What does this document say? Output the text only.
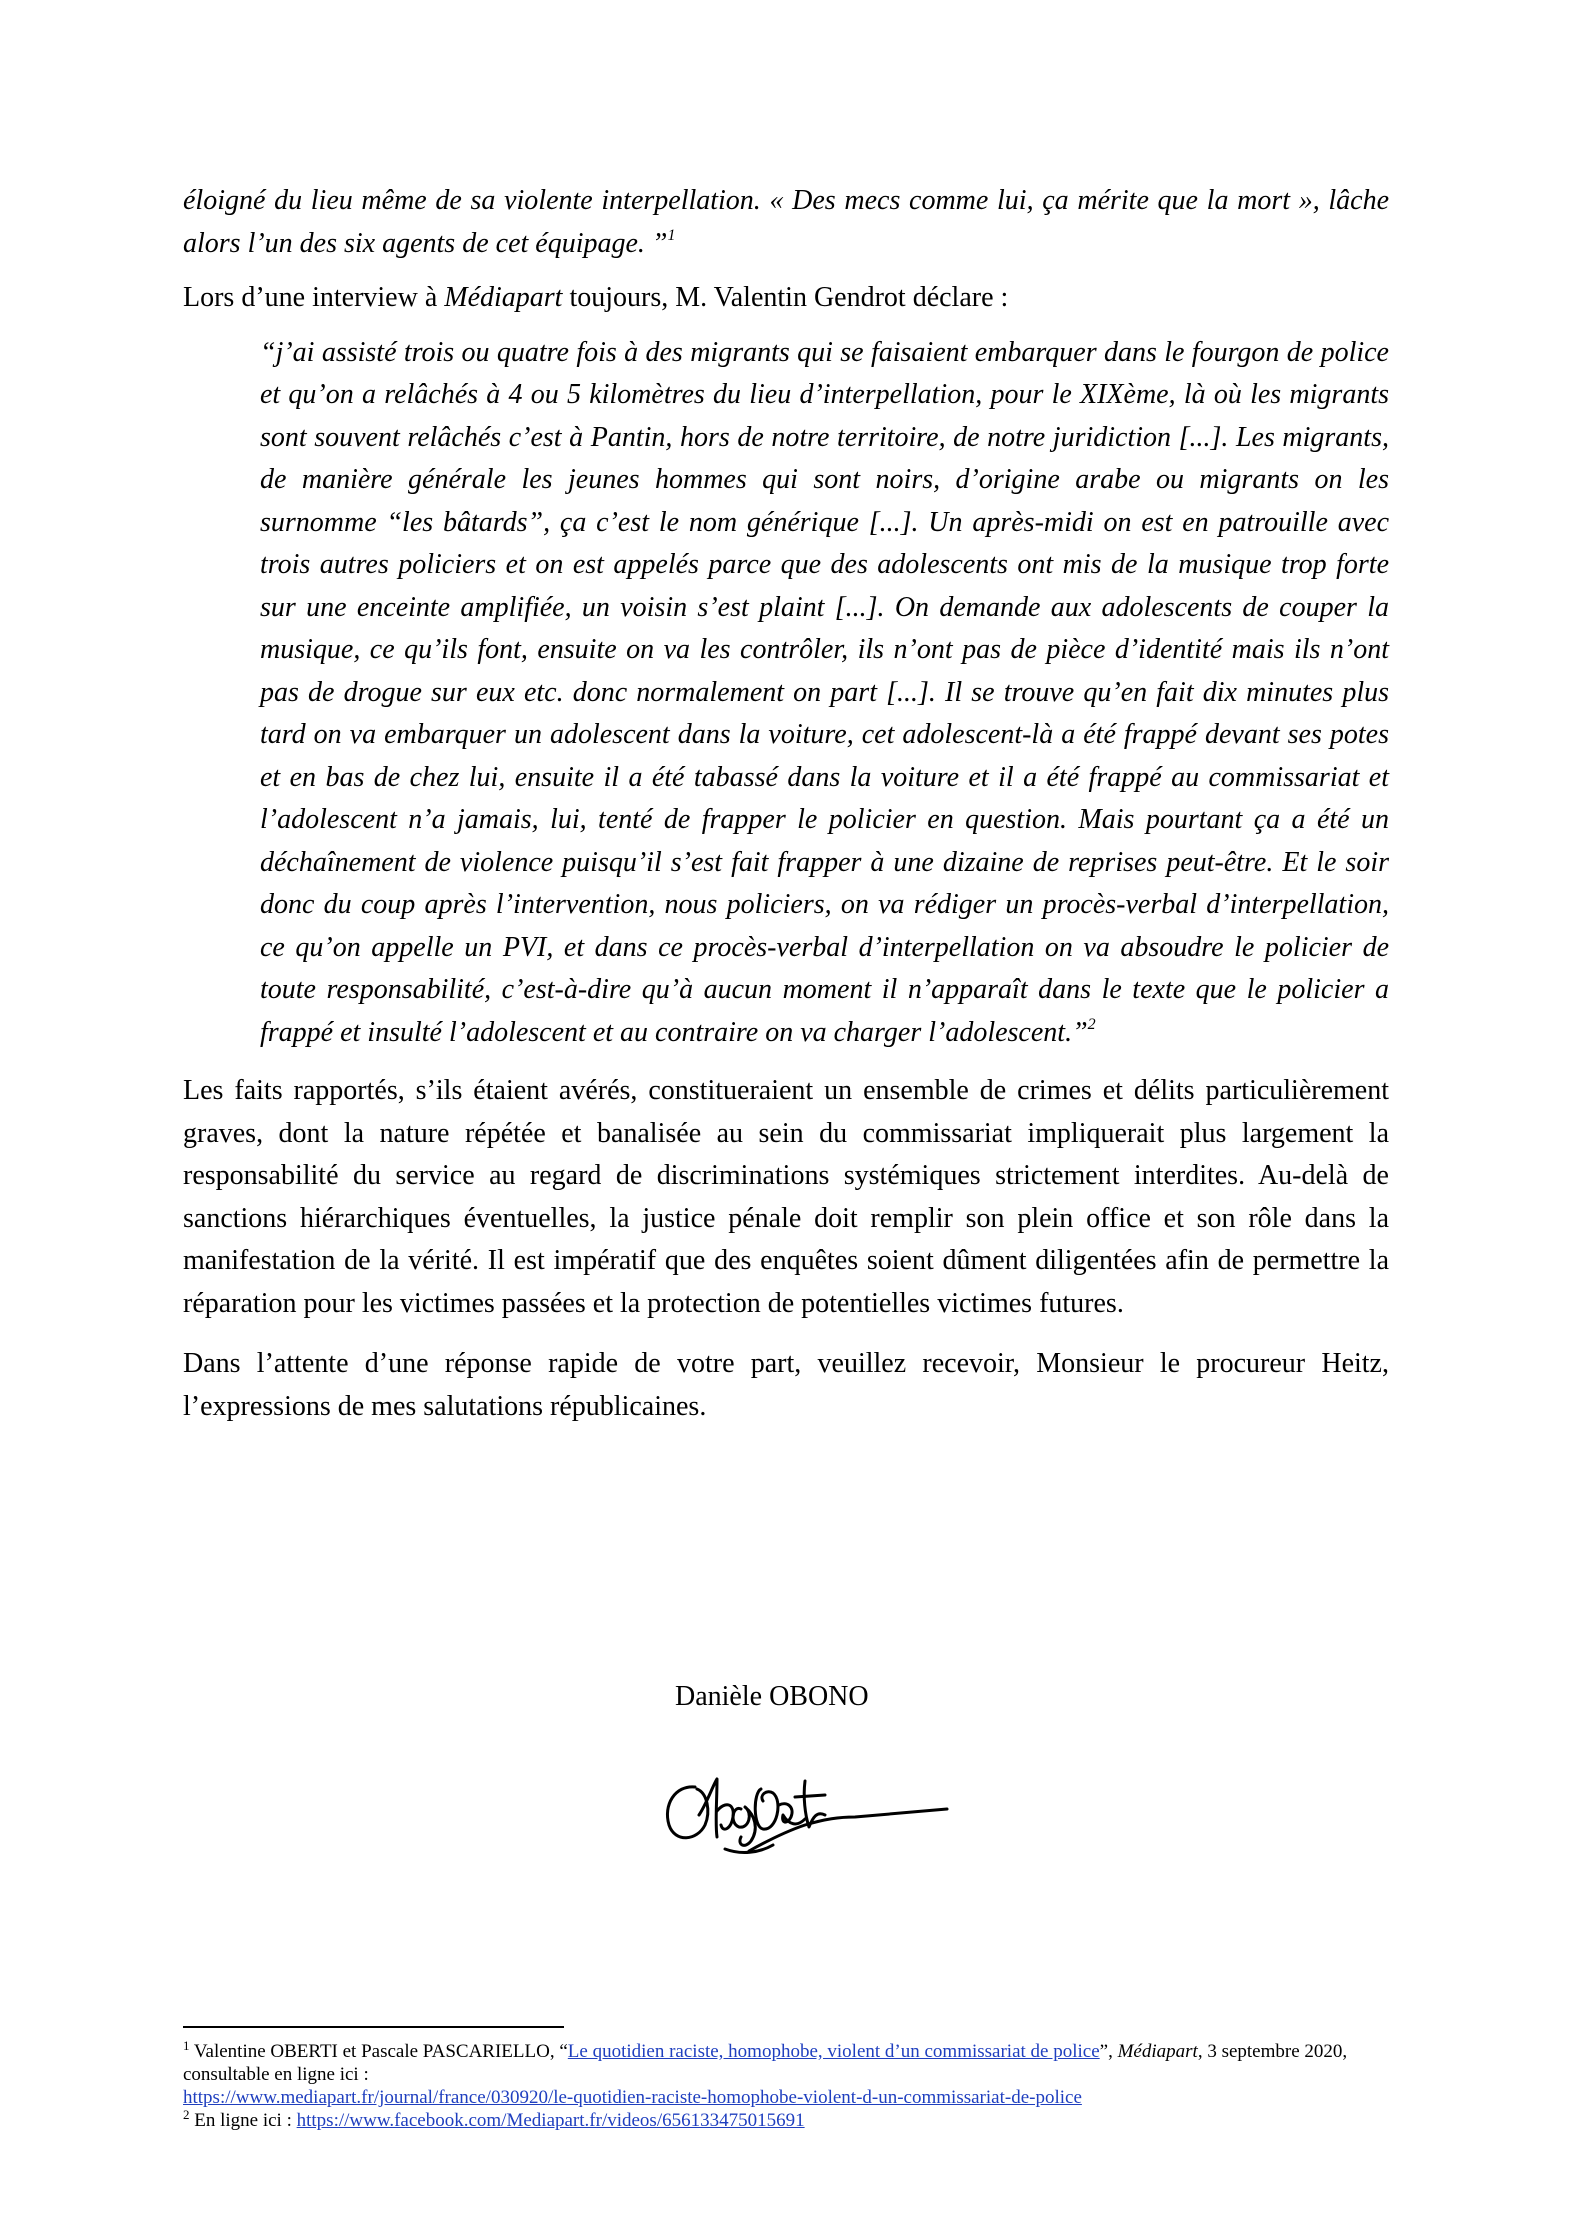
éloigné du lieu même de sa violente interpellation. « Des mecs comme lui, ça mérite que la mort », lâche alors l’un des six agents de cet équipage. ”$^1$

Lors d’une interview à Médiapart toujours, M. Valentin Gendrot déclare :

“j’ai assisté trois ou quatre fois à des migrants qui se faisaient embarquer dans le fourgon de police et qu’on a relâchés à 4 ou 5 kilomètres du lieu d’interpellation, pour le XIXème, là où les migrants sont souvent relâchés c’est à Pantin, hors de notre territoire, de notre juridiction [...]. Les migrants, de manière générale les jeunes hommes qui sont noirs, d’origine arabe ou migrants on les surnomme “les bâtards”, ça c’est le nom générique [...]. Un après-midi on est en patrouille avec trois autres policiers et on est appelés parce que des adolescents ont mis de la musique trop forte sur une enceinte amplifiée, un voisin s’est plaint [...]. On demande aux adolescents de couper la musique, ce qu’ils font, ensuite on va les contrôler, ils n’ont pas de pièce d’identité mais ils n’ont pas de drogue sur eux etc. donc normalement on part [...]. Il se trouve qu’en fait dix minutes plus tard on va embarquer un adolescent dans la voiture, cet adolescent-là a été frappé devant ses potes et en bas de chez lui, ensuite il a été tabassé dans la voiture et il a été frappé au commissariat et l’adolescent n’a jamais, lui, tenté de frapper le policier en question. Mais pourtant ça a été un déchaînement de violence puisqu’il s’est fait frapper à une dizaine de reprises peut-être. Et le soir donc du coup après l’intervention, nous policiers, on va rédiger un procès-verbal d’interpellation, ce qu’on appelle un PVI, et dans ce procès-verbal d’interpellation on va absoudre le policier de toute responsabilité, c’est-à-dire qu’à aucun moment il n’apparaît dans le texte que le policier a frappé et insulté l’adolescent et au contraire on va charger l’adolescent.”$^2$

Les faits rapportés, s’ils étaient avérés, constitueraient un ensemble de crimes et délits particulièrement graves, dont la nature répétée et banalisée au sein du commissariat impliquerait plus largement la responsabilité du service au regard de discriminations systémiques strictement interdites. Au-delà de sanctions hiérarchiques éventuelles, la justice pénale doit remplir son plein office et son rôle dans la manifestation de la vérité. Il est impératif que des enquêtes soient dûment diligentées afin de permettre la réparation pour les victimes passées et la protection de potentielles victimes futures.

Dans l’attente d’une réponse rapide de votre part, veuillez recevoir, Monsieur le procureur Heitz, l’expressions de mes salutations républicaines.

Danièle OBONO
$^1$ Valentine OBERTI et Pascale PASCARIELLO, “Le quotidien raciste, homophobe, violent d’un commissariat de police”, Médiapart, 3 septembre 2020, consultable en ligne ici :
https://www.mediapart.fr/journal/france/030920/le-quotidien-raciste-homophobe-violent-d-un-commissariat-de-police
$^2$ En ligne ici : https://www.facebook.com/Mediapart.fr/videos/656133475015691
